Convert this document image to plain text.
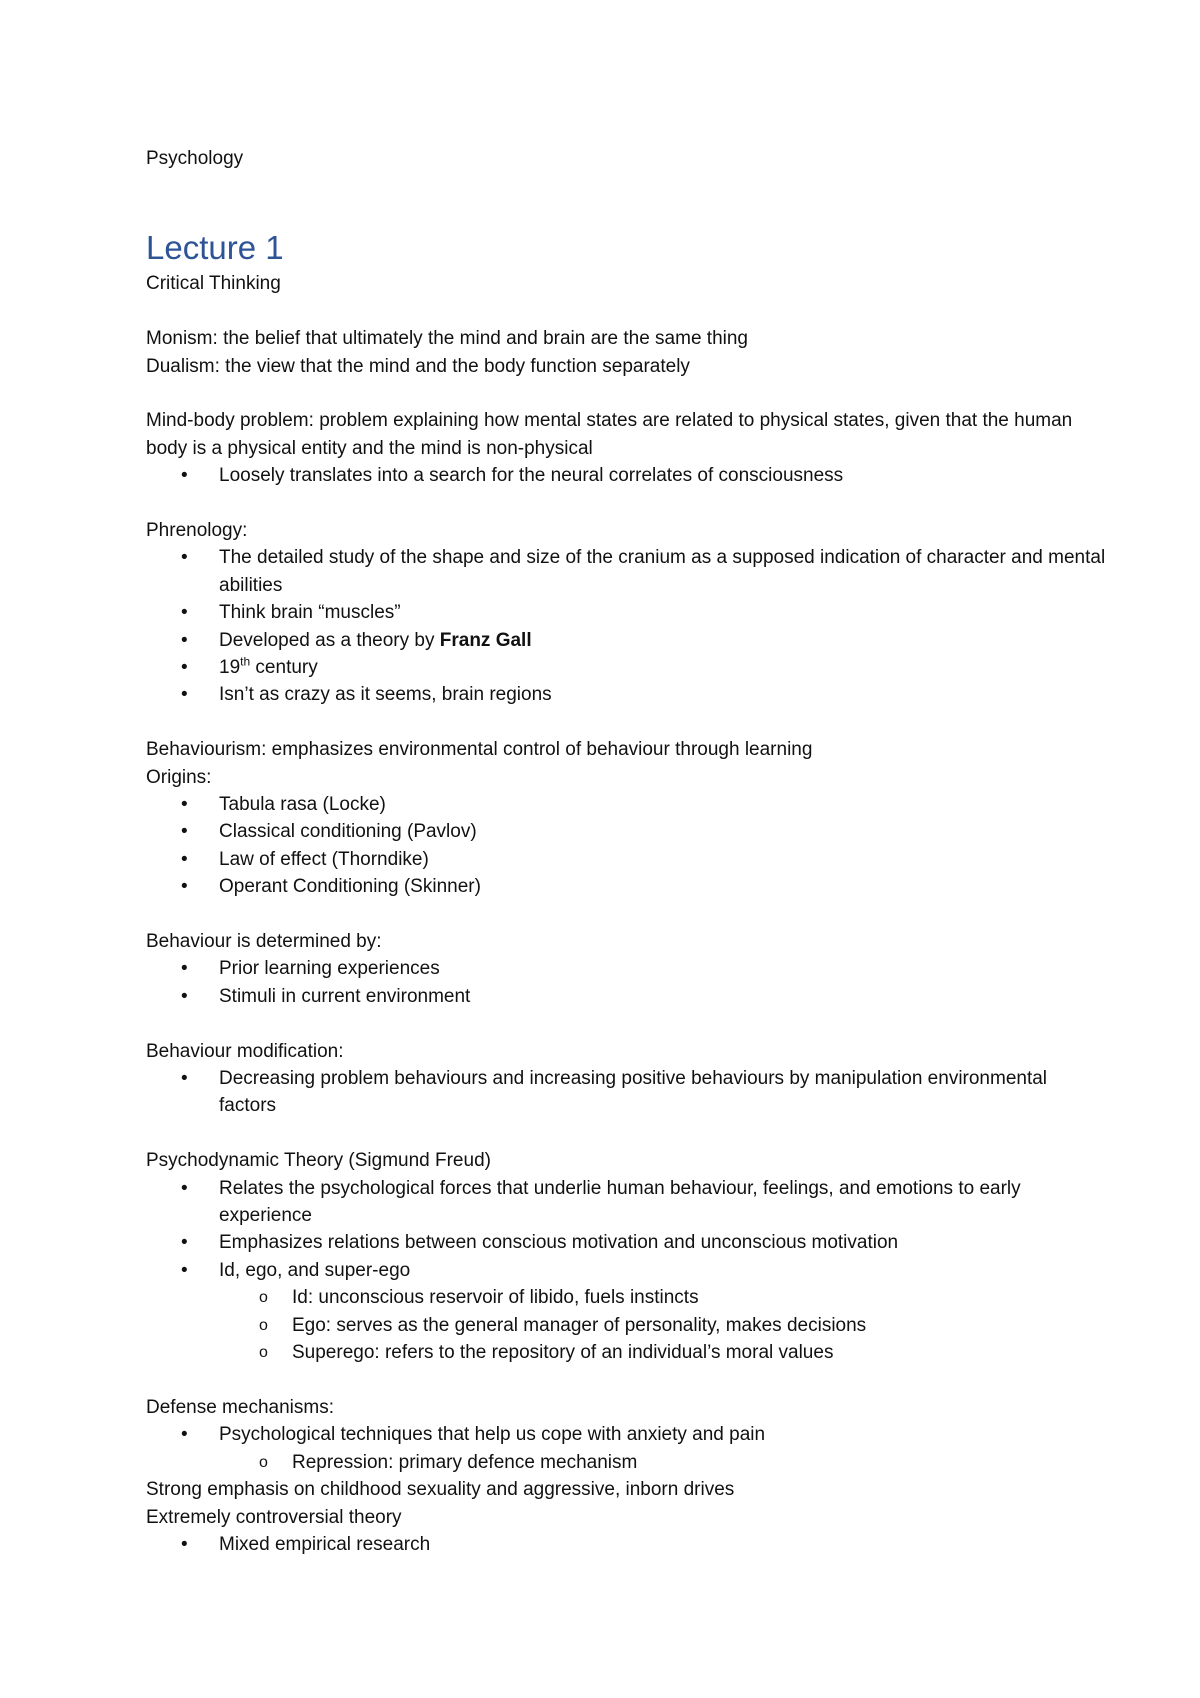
Psychology

Lecture 1

Critical Thinking

Monism: the belief that ultimately the mind and brain are the same thing

Dualism: the view that the mind and the body function separately

Mind-body problem: problem explaining how mental states are related to physical states, given that the human body is a physical entity and the mind is non-physical

• Loosely translates into a search for the neural correlates of consciousness

Phrenology:

• The detailed study of the shape and size of the cranium as a supposed indication of character and mental abilities
• Think brain “muscles”
• Developed as a theory by Franz Gall
• 19th century
• Isn’t as crazy as it seems, brain regions

Behaviourism: emphasizes environmental control of behaviour through learning

Origins:

• Tabula rasa (Locke)
• Classical conditioning (Pavlov)
• Law of effect (Thorndike)
• Operant Conditioning (Skinner)

Behaviour is determined by:

• Prior learning experiences
• Stimuli in current environment

Behaviour modification:

• Decreasing problem behaviours and increasing positive behaviours by manipulation environmental factors

Psychodynamic Theory (Sigmund Freud)

• Relates the psychological forces that underlie human behaviour, feelings, and emotions to early experience
• Emphasizes relations between conscious motivation and unconscious motivation
• Id, ego, and super-ego
o Id: unconscious reservoir of libido, fuels instincts
o Ego: serves as the general manager of personality, makes decisions
o Superego: refers to the repository of an individual’s moral values

Defense mechanisms:

• Psychological techniques that help us cope with anxiety and pain
o Repression: primary defence mechanism

Strong emphasis on childhood sexuality and aggressive, inborn drives

Extremely controversial theory

• Mixed empirical research
